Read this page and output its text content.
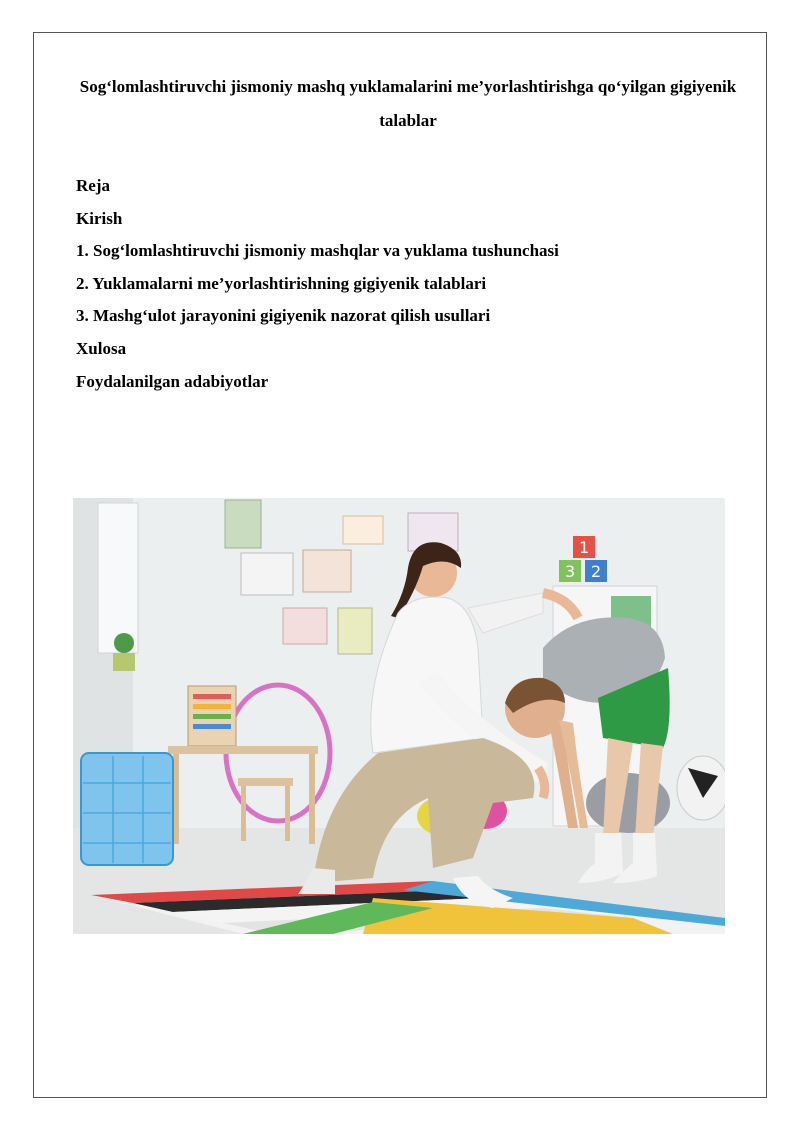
Sog‘lomlashtiruvchi jismoniy mashq yuklamalarini me’yorlashtirishga qo‘yilgan gigiyenik talablar
Reja
Kirish
1. Sog‘lomlashtiruvchi jismoniy mashqlar va yuklama tushunchasi
2. Yuklamalarni me’yorlashtirishning gigiyenik talablari
3. Mashg‘ulot jarayonini gigiyenik nazorat qilish usullari
Xulosa
Foydalanilgan adabiyotlar
1
3 2
